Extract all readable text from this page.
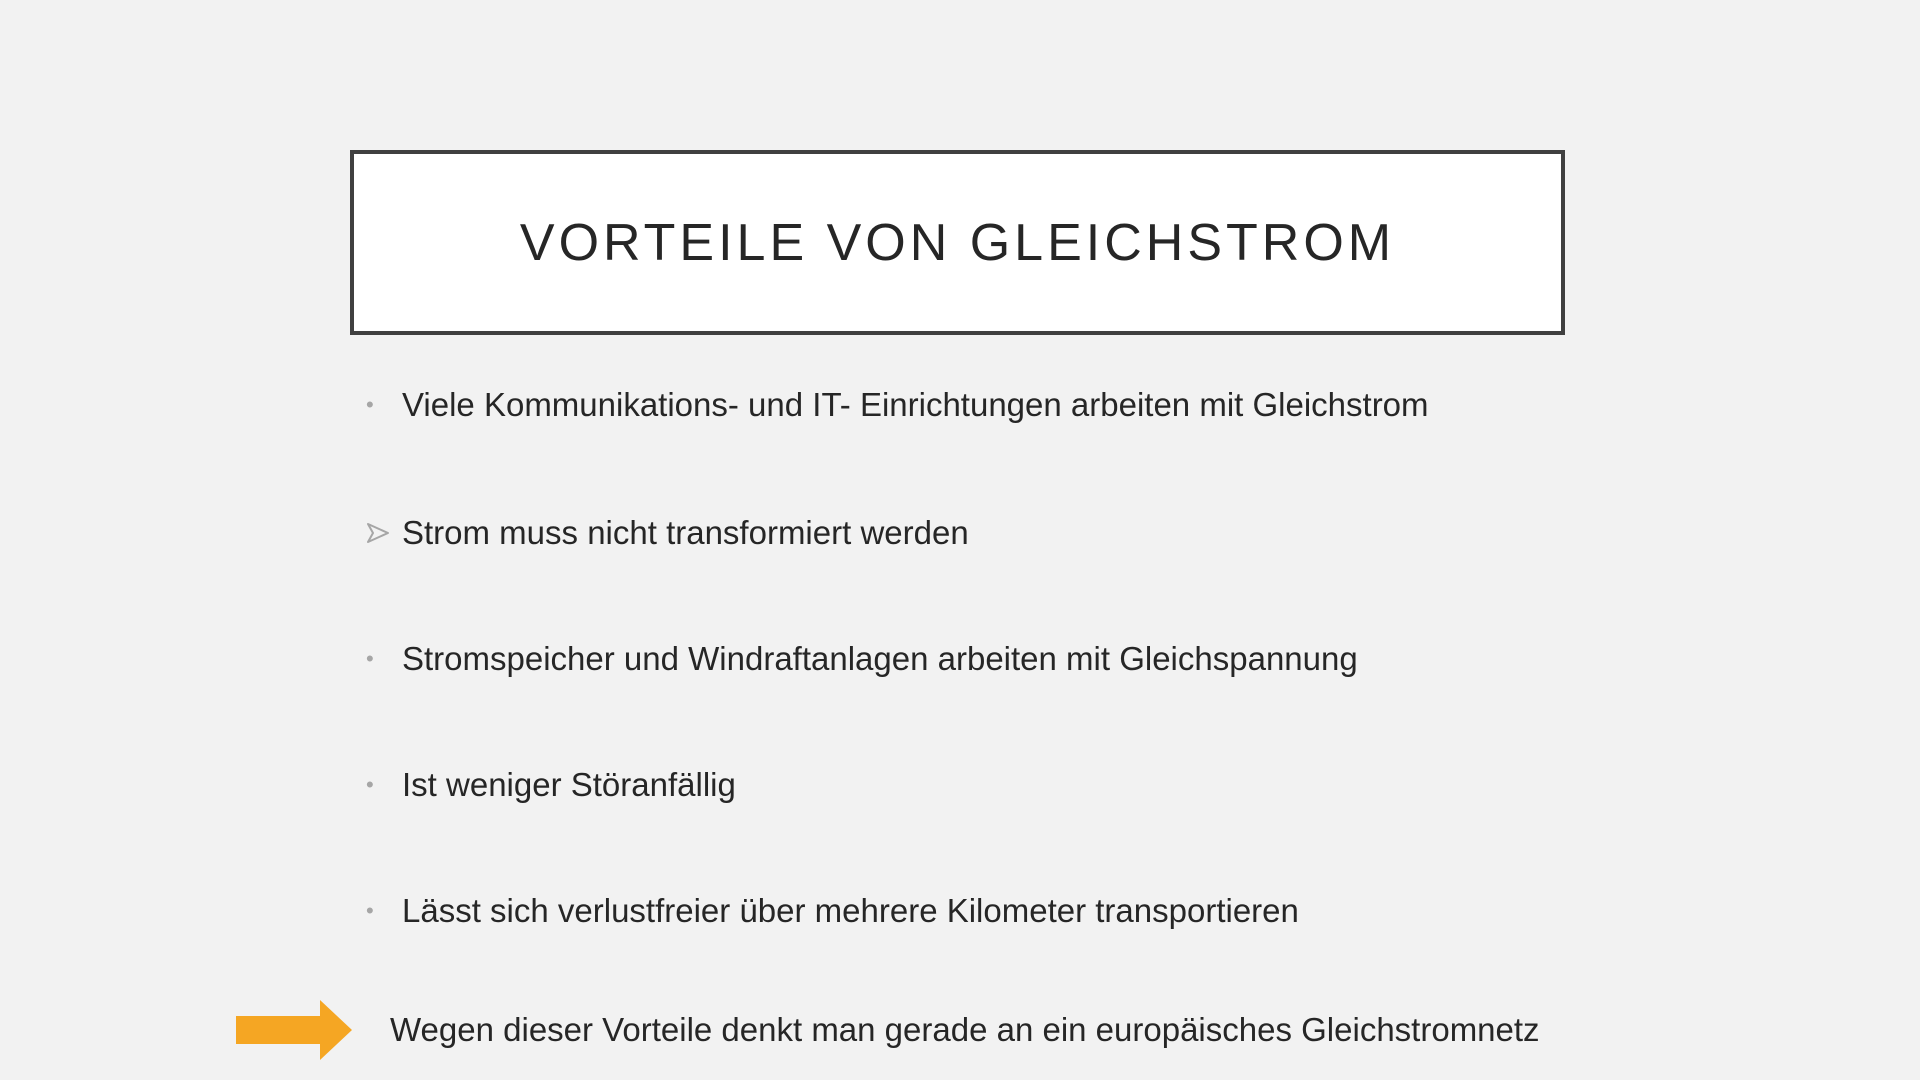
VORTEILE VON GLEICHSTROM
• Viele Kommunikations- und IT- Einrichtungen arbeiten mit Gleichstrom
Strom muss nicht transformiert werden
• Stromspeicher und Windraftanlagen arbeiten mit Gleichspannung
• Ist weniger Störanfällig
• Lässt sich verlustfreier über mehrere Kilometer transportieren
Wegen dieser Vorteile denkt man gerade an ein europäisches Gleichstromnetz
